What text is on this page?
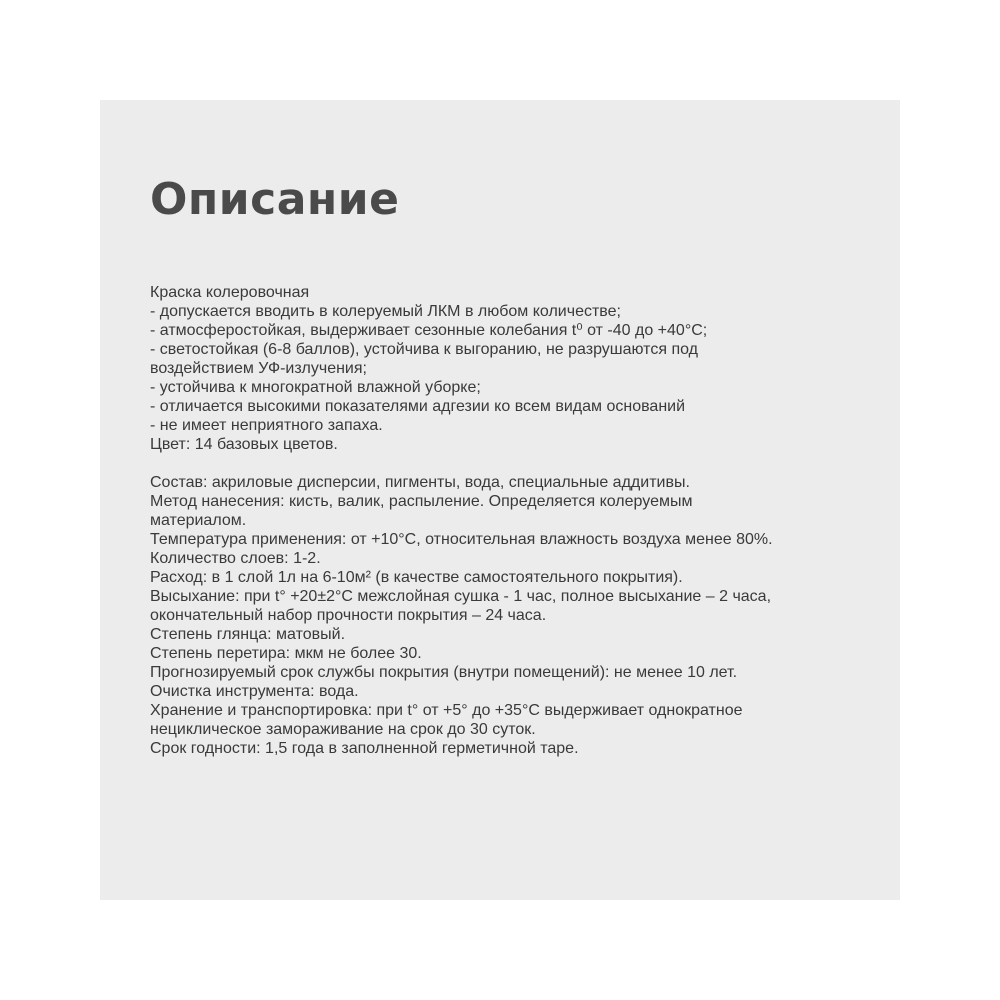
Описание
Краска колеровочная
- допускается вводить в колеруемый ЛКМ в любом количестве;
- атмосферостойкая, выдерживает сезонные колебания t⁰ от -40 до +40°С;
- светостойкая (6-8 баллов), устойчива к выгоранию, не разрушаются под
воздействием УФ-излучения;
- устойчива к многократной влажной уборке;
- отличается высокими показателями адгезии ко всем видам оснований
- не имеет неприятного запаха.
Цвет: 14 базовых цветов.
Состав: акриловые дисперсии, пигменты, вода, специальные аддитивы.
Метод нанесения: кисть, валик, распыление. Определяется колеруемым
материалом.
Температура применения: от +10°С, относительная влажность воздуха менее 80%.
Количество слоев: 1-2.
Расход: в 1 слой 1л на 6-10м² (в качестве самостоятельного покрытия).
Высыхание: при t° +20±2°С межслойная сушка - 1 час, полное высыхание – 2 часа,
окончательный набор прочности покрытия – 24 часа.
Степень глянца: матовый.
Степень перетира: мкм не более 30.
Прогнозируемый срок службы покрытия (внутри помещений): не менее 10 лет.
Очистка инструмента: вода.
Хранение и транспортировка: при t° от +5° до +35°С выдерживает однократное
нециклическое замораживание на срок до 30 суток.
Срок годности: 1,5 года в заполненной герметичной таре.
